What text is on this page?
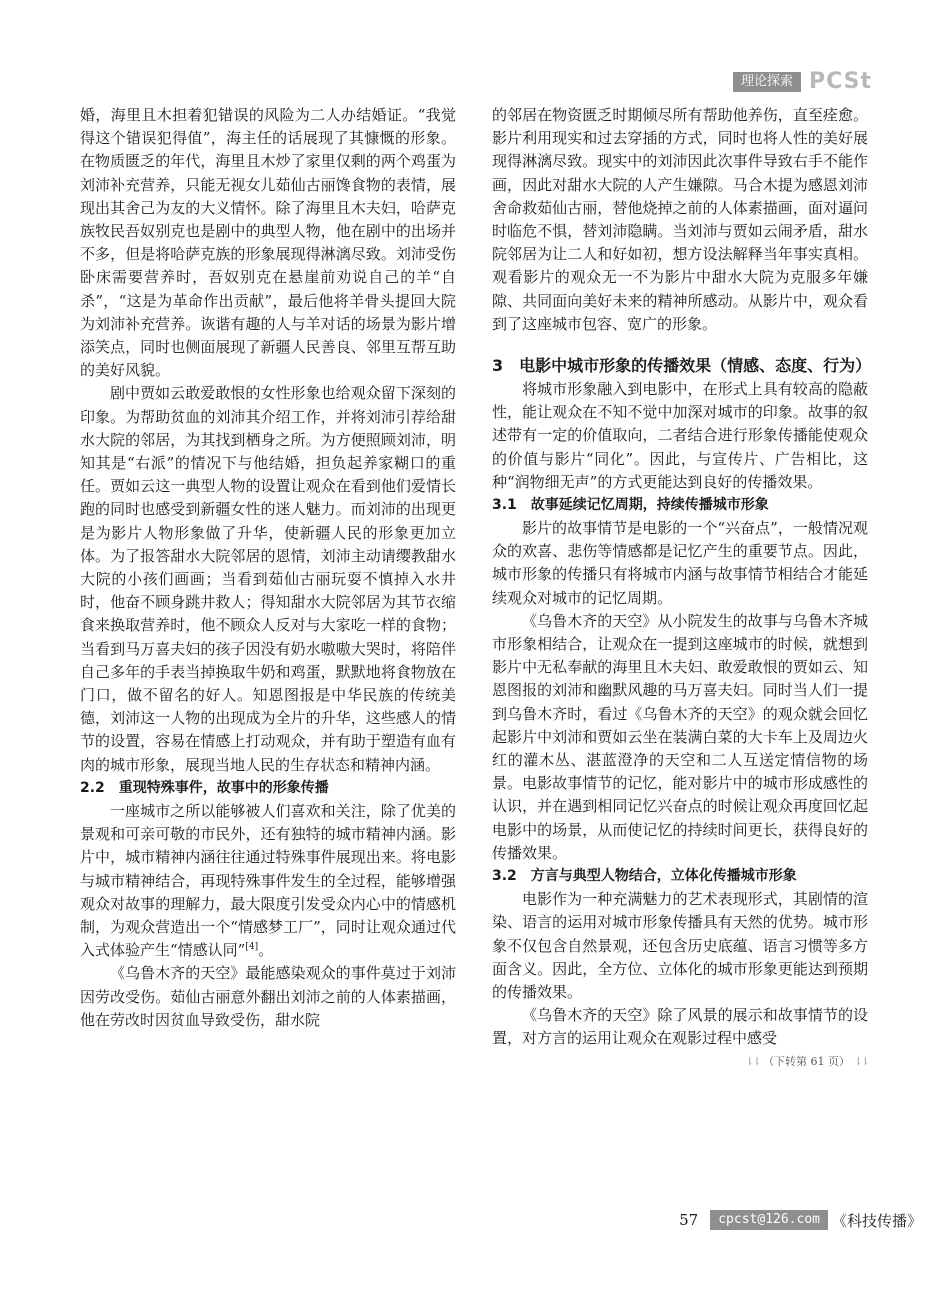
理论探索 PCSt

婚，海里且木担着犯错误的风险为二人办结婚证。“我觉得这个错误犯得值”，海主任的话展现了其慷慨的形象。在物质匮乏的年代，海里且木炒了家里仅剩的两个鸡蛋为刘沛补充营养，只能无视女儿茹仙古丽馋食物的表情，展现出其舍己为友的大义情怀。除了海里且木夫妇，哈萨克族牧民吾奴别克也是剧中的典型人物，他在剧中的出场并不多，但是将哈萨克族的形象展现得淋漓尽致。刘沛受伤卧床需要营养时，吾奴别克在悬崖前劝说自己的羊“自杀”，“这是为革命作出贡献”，最后他将羊骨头提回大院为刘沛补充营养。诙谐有趣的人与羊对话的场景为影片增添笑点，同时也侧面展现了新疆人民善良、邻里互帮互助的美好风貌。

剧中贾如云敢爱敢恨的女性形象也给观众留下深刻的印象。为帮助贫血的刘沛其介绍工作，并将刘沛引荐给甜水大院的邻居，为其找到栖身之所。为方便照顾刘沛，明知其是“右派”的情况下与他结婚，担负起养家糊口的重任。贾如云这一典型人物的设置让观众在看到他们爱情长跑的同时也感受到新疆女性的迷人魅力。而刘沛的出现更是为影片人物形象做了升华，使新疆人民的形象更加立体。为了报答甜水大院邻居的恩情，刘沛主动请缨教甜水大院的小孩们画画；当看到茹仙古丽玩耍不慎掉入水井时，他奋不顾身跳井救人；得知甜水大院邻居为其节衣缩食来换取营养时，他不顾众人反对与大家吃一样的食物；当看到马万喜夫妇的孩子因没有奶水嗷嗷大哭时，将陪伴自己多年的手表当掉换取牛奶和鸡蛋，默默地将食物放在门口，做不留名的好人。知恩图报是中华民族的传统美德，刘沛这一人物的出现成为全片的升华，这些感人的情节的设置，容易在情感上打动观众，并有助于塑造有血有肉的城市形象，展现当地人民的生存状态和精神内涵。

2.2　重现特殊事件，故事中的形象传播

一座城市之所以能够被人们喜欢和关注，除了优美的景观和可亲可敬的市民外，还有独特的城市精神内涵。影片中，城市精神内涵往往通过特殊事件展现出来。将电影与城市精神结合，再现特殊事件发生的全过程，能够增强观众对故事的理解力，最大限度引发受众内心中的情感机制，为观众营造出一个“情感梦工厂”，同时让观众通过代入式体验产生“情感认同”[4]。

《乌鲁木齐的天空》最能感染观众的事件莫过于刘沛因劳改受伤。茹仙古丽意外翻出刘沛之前的人体素描画，他在劳改时因贫血导致受伤，甜水院

的邻居在物资匮乏时期倾尽所有帮助他养伤，直至痊愈。影片利用现实和过去穿插的方式，同时也将人性的美好展现得淋漓尽致。现实中的刘沛因此次事件导致右手不能作画，因此对甜水大院的人产生嫌隙。马合木提为感恩刘沛舍命救茹仙古丽，替他烧掉之前的人体素描画，面对逼问时临危不惧，替刘沛隐瞒。当刘沛与贾如云闹矛盾，甜水院邻居为让二人和好如初，想方设法解释当年事实真相。观看影片的观众无一不为影片中甜水大院为克服多年嫌隙、共同面向美好未来的精神所感动。从影片中，观众看到了这座城市包容、宽广的形象。

3　电影中城市形象的传播效果（情感、态度、行为）

将城市形象融入到电影中，在形式上具有较高的隐蔽性，能让观众在不知不觉中加深对城市的印象。故事的叙述带有一定的价值取向，二者结合进行形象传播能使观众的价值与影片“同化”。因此，与宣传片、广告相比，这种“润物细无声”的方式更能达到良好的传播效果。

3.1　故事延续记忆周期，持续传播城市形象

影片的故事情节是电影的一个“兴奋点”，一般情况观众的欢喜、悲伤等情感都是记忆产生的重要节点。因此，城市形象的传播只有将城市内涵与故事情节相结合才能延续观众对城市的记忆周期。

《乌鲁木齐的天空》从小院发生的故事与乌鲁木齐城市形象相结合，让观众在一提到这座城市的时候，就想到影片中无私奉献的海里且木夫妇、敢爱敢恨的贾如云、知恩图报的刘沛和幽默风趣的马万喜夫妇。同时当人们一提到乌鲁木齐时，看过《乌鲁木齐的天空》的观众就会回忆起影片中刘沛和贾如云坐在装满白菜的大卡车上及周边火红的灌木丛、湛蓝澄净的天空和二人互送定情信物的场景。电影故事情节的记忆，能对影片中的城市形成感性的认识，并在遇到相同记忆兴奋点的时候让观众再度回忆起电影中的场景，从而使记忆的持续时间更长，获得良好的传播效果。

3.2　方言与典型人物结合，立体化传播城市形象

电影作为一种充满魅力的艺术表现形式，其剧情的渲染、语言的运用对城市形象传播具有天然的优势。城市形象不仅包含自然景观，还包含历史底蕴、语言习惯等多方面含义。因此，全方位、立体化的城市形象更能达到预期的传播效果。

《乌鲁木齐的天空》除了风景的展示和故事情节的设置，对方言的运用让观众在观影过程中感受

⇂⇂ （下转第 61 页） ⇂⇂
57	cpcst@126.com 《科技传播》
